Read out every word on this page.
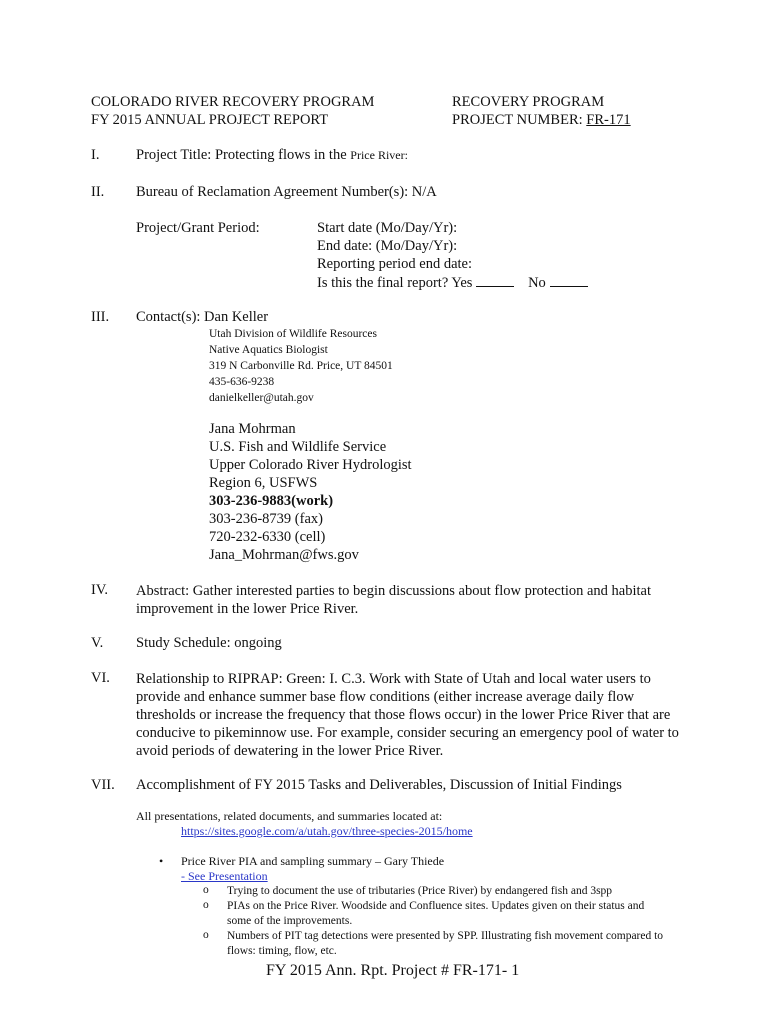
COLORADO RIVER RECOVERY PROGRAM
FY 2015 ANNUAL PROJECT REPORT
RECOVERY PROGRAM
PROJECT NUMBER: FR-171
I.	Project Title: Protecting flows in the Price River:
II. Bureau of Reclamation Agreement Number(s): N/A
Project/Grant Period:	Start date (Mo/Day/Yr):
End date: (Mo/Day/Yr):
Reporting period end date:
Is this the final report? Yes	No
III. Contact(s): Dan Keller
Utah Division of Wildlife Resources
Native Aquatics Biologist
319 N Carbonville Rd. Price, UT 84501
435-636-9238
danielkeller@utah.gov
Jana Mohrman
U.S. Fish and Wildlife Service
Upper Colorado River Hydrologist
Region 6, USFWS
303-236-9883(work)
303-236-8739 (fax)
720-232-6330 (cell)
Jana_Mohrman@fws.gov
IV. Abstract: Gather interested parties to begin discussions about flow protection and habitat improvement in the lower Price River.
V. Study Schedule: ongoing
VI. Relationship to RIPRAP: Green: I. C.3. Work with State of Utah and local water users to provide and enhance summer base flow conditions (either increase average daily flow thresholds or increase the frequency that those flows occur) in the lower Price River that are conducive to pikeminnow use. For example, consider securing an emergency pool of water to avoid periods of dewatering in the lower Price River.
VII. Accomplishment of FY 2015 Tasks and Deliverables, Discussion of Initial Findings
All presentations, related documents, and summaries located at:
https://sites.google.com/a/utah.gov/three-species-2015/home
• Price River PIA and sampling summary – Gary Thiede
- See Presentation
o Trying to document the use of tributaries (Price River) by endangered fish and 3spp
o PIAs on the Price River. Woodside and Confluence sites. Updates given on their status and some of the improvements.
o Numbers of PIT tag detections were presented by SPP. Illustrating fish movement compared to flows: timing, flow, etc.
FY 2015 Ann. Rpt. Project # FR-171- 1
